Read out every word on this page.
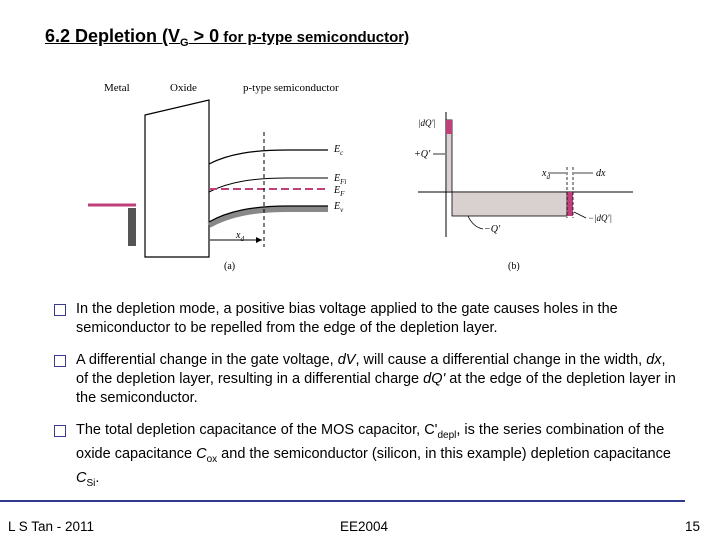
6.2 Depletion ($V_G > 0$ for p-type semiconductor)
Metal	Oxide	p-type semiconductor
$E_c$
$E_{Fi}$
$E_F$
$E_v$
$x_d$
(a)
|dQ'|
+Q'
$x_d$	dx
−Q'
−|dQ'|
(b)
In the depletion mode, a positive bias voltage applied to the gate causes holes in the semiconductor to be repelled from the edge of the depletion layer.
A differential change in the gate voltage, dV, will cause a differential change in the width, dx, of the depletion layer, resulting in a differential charge dQ' at the edge of the depletion layer in the semiconductor.
The total depletion capacitance of the MOS capacitor, $C'_{depl}$, is the series combination of the oxide capacitance $C_{ox}$ and the semiconductor (silicon, in this example) depletion capacitance $C_{Si}$.
L S Tan - 2011	EE2004	15
